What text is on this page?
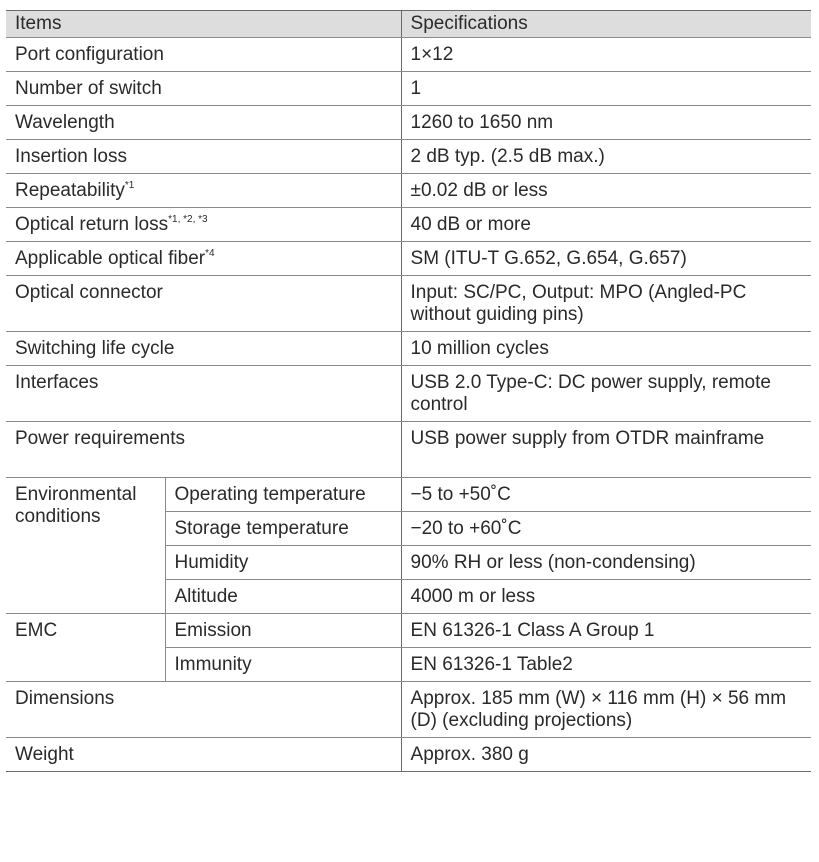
Items		Specifications
Port configuration		1×12
Number of switch		1
Wavelength		1260 to 1650 nm
Insertion loss		2 dB typ. (2.5 dB max.)
Repeatability$^{*1}$		±0.02 dB or less
Optical return loss$^{*1, *2, *3}$		40 dB or more
Applicable optical fiber$^{*4}$		SM (ITU-T G.652, G.654, G.657)
Optical connector		Input: SC/PC, Output: MPO (Angled-PC without guiding pins)
Switching life cycle		10 million cycles
Interfaces		USB 2.0 Type-C: DC power supply, remote control
Power requirements		USB power supply from OTDR mainframe
Environmental conditions	Operating temperature	−5 to +50˚C
	Storage temperature	−20 to +60˚C
	Humidity	90% RH or less (non-condensing)
	Altitude	4000 m or less
EMC	Emission	EN 61326-1 Class A Group 1
	Immunity	EN 61326-1 Table2
Dimensions		Approx. 185 mm (W) × 116 mm (H) × 56 mm (D) (excluding projections)
Weight		Approx. 380 g
